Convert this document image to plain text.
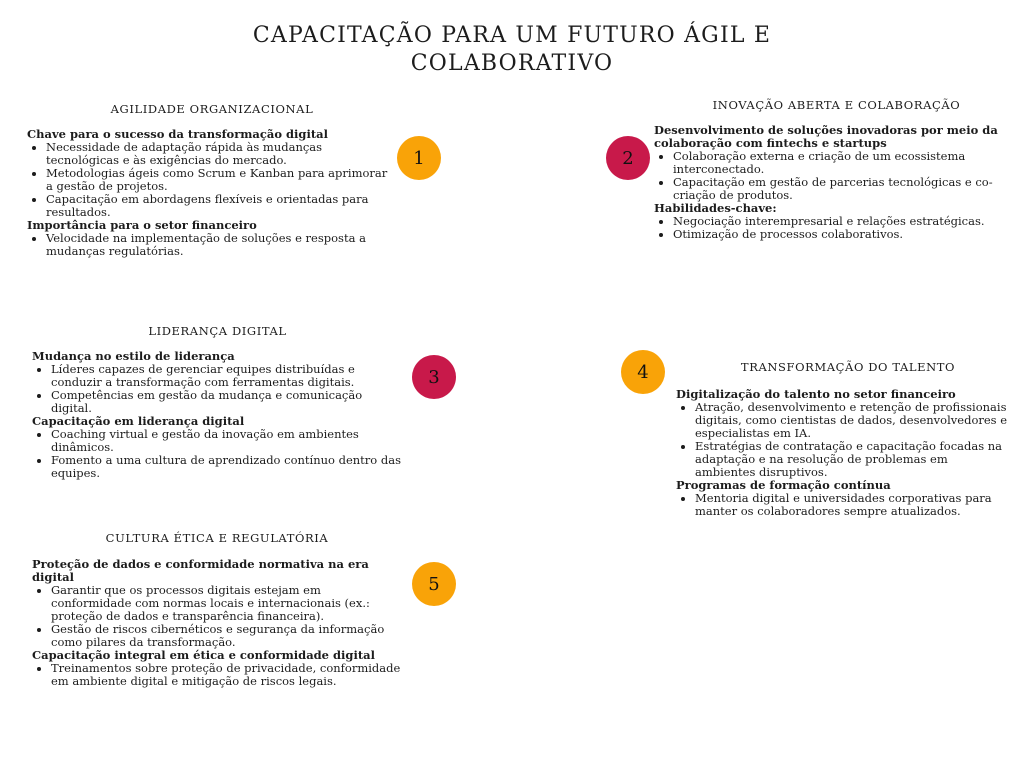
CAPACITAÇÃO PARA UM FUTURO ÁGIL E COLABORATIVO
AGILIDADE ORGANIZACIONAL

Chave para o sucesso da transformação digital

• Necessidade de adaptação rápida às mudanças tecnológicas e às exigências do mercado.
• Metodologias ágeis como Scrum e Kanban para aprimorar a gestão de projetos.
• Capacitação em abordagens flexíveis e orientadas para resultados.

Importância para o setor financeiro

• Velocidade na implementação de soluções e resposta a mudanças regulatórias.
1
INOVAÇÃO ABERTA E COLABORAÇÃO

Desenvolvimento de soluções inovadoras por meio da colaboração com fintechs e startups

• Colaboração externa e criação de um ecossistema interconectado.
• Capacitação em gestão de parcerias tecnológicas e co-criação de produtos.

Habilidades-chave:

• Negociação interempresarial e relações estratégicas.
• Otimização de processos colaborativos.
2
LIDERANÇA DIGITAL

Mudança no estilo de liderança

• Líderes capazes de gerenciar equipes distribuídas e conduzir a transformação com ferramentas digitais.
• Competências em gestão da mudança e comunicação digital.

Capacitação em liderança digital

• Coaching virtual e gestão da inovação em ambientes dinâmicos.
• Fomento a uma cultura de aprendizado contínuo dentro das equipes.
3	TRANSFORMAÇÃO DO TALENTO

Digitalização do talento no setor financeiro

• Atração, desenvolvimento e retenção de profissionais digitais, como cientistas de dados, desenvolvedores e especialistas em IA.
• Estratégias de contratação e capacitação focadas na adaptação e na resolução de problemas em ambientes disruptivos.

Programas de formação contínua

• Mentoria digital e universidades corporativas para manter os colaboradores sempre atualizados.
4
CULTURA ÉTICA E REGULATÓRIA

Proteção de dados e conformidade normativa na era digital

• Garantir que os processos digitais estejam em conformidade com normas locais e internacionais (ex.: proteção de dados e transparência financeira).
• Gestão de riscos cibernéticos e segurança da informação como pilares da transformação.

Capacitação integral em ética e conformidade digital

• Treinamentos sobre proteção de privacidade, conformidade em ambiente digital e mitigação de riscos legais.
5
